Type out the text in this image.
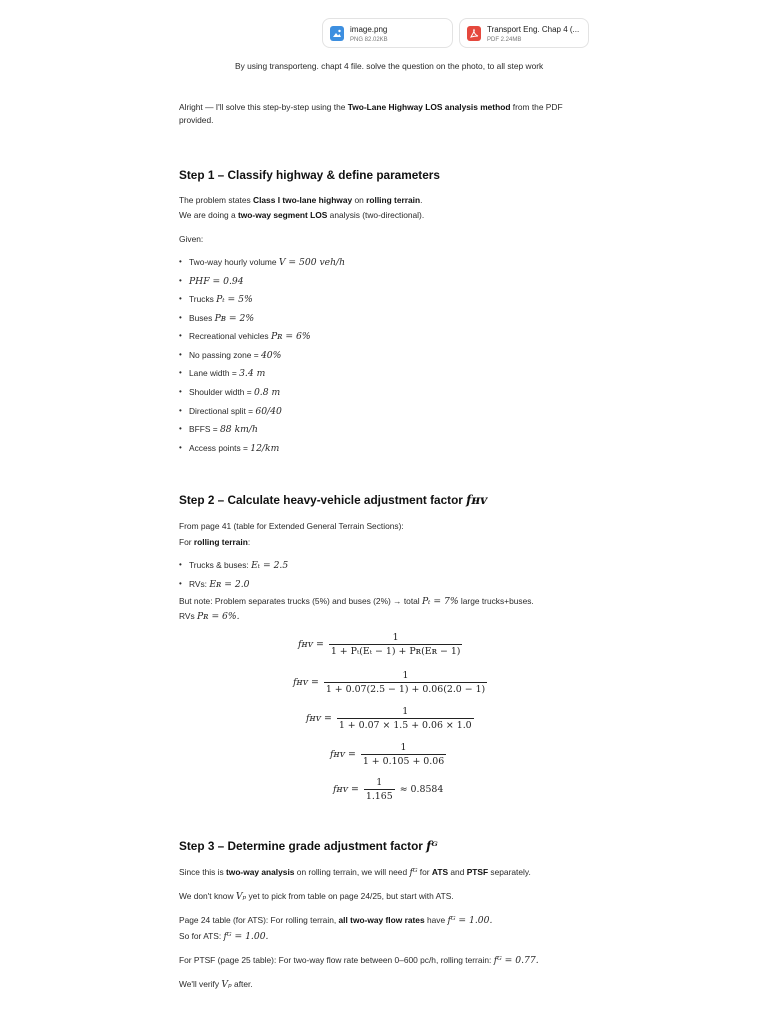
image.png
PNG 82.02KB
Transport Eng. Chap 4 (...
PDF 2.24MB
By using transporteng. chapt 4 file. solve the question on the photo, to all step work
Alright — I'll solve this step-by-step using the Two-Lane Highway LOS analysis method from the PDF provided.
Step 1 – Classify highway & define parameters
The problem states Class I two-lane highway on rolling terrain.
We are doing a two-way segment LOS analysis (two-directional).
Given:
• Two-way hourly volume V = 500 veh/h
• PHF = 0.94
• Trucks Pₜ = 5%
• Buses Pʙ = 2%
• Recreational vehicles Pʀ = 6%
• No passing zone = 40%
• Lane width = 3.4 m
• Shoulder width = 0.8 m
• Directional split = 60/40
• BFFS = 88 km/h
• Access points = 12/km
Step 2 – Calculate heavy-vehicle adjustment factor fʜᴠ
From page 41 (table for Extended General Terrain Sections):
For rolling terrain:
• Trucks & buses: Eₜ = 2.5
• RVs: Eʀ = 2.0
But note: Problem separates trucks (5%) and buses (2%) → total Pₜ = 7% large trucks+buses.
RVs Pʀ = 6%.
fʜᴠ = $\frac{1}{\text{1 + Pₜ(Eₜ − 1) + Pʀ(Eʀ − 1)}}$
fʜᴠ = $\frac{1}{1 + 0.07(2.5 - 1) + 0.06(2.0 - 1)}$
fʜᴠ = $\frac{1}{1 + 0.07 \times 1.5 + 0.06 \times 1.0}$
fʜᴠ = $\frac{1}{1 + 0.105 + 0.06}$
fʜᴠ = $\frac{1}{1.165} \approx 0.8584$
Step 3 – Determine grade adjustment factor fᴳ
Since this is two-way analysis on rolling terrain, we will need fᴳ for ATS and PTSF separately.
We don't know Vₚ yet to pick from table on page 24/25, but start with ATS.
Page 24 table (for ATS): For rolling terrain, all two-way flow rates have fᴳ = 1.00.
So for ATS: fᴳ = 1.00.
For PTSF (page 25 table): For two-way flow rate between 0–600 pc/h, rolling terrain: fᴳ = 0.77.
We'll verify Vₚ after.
